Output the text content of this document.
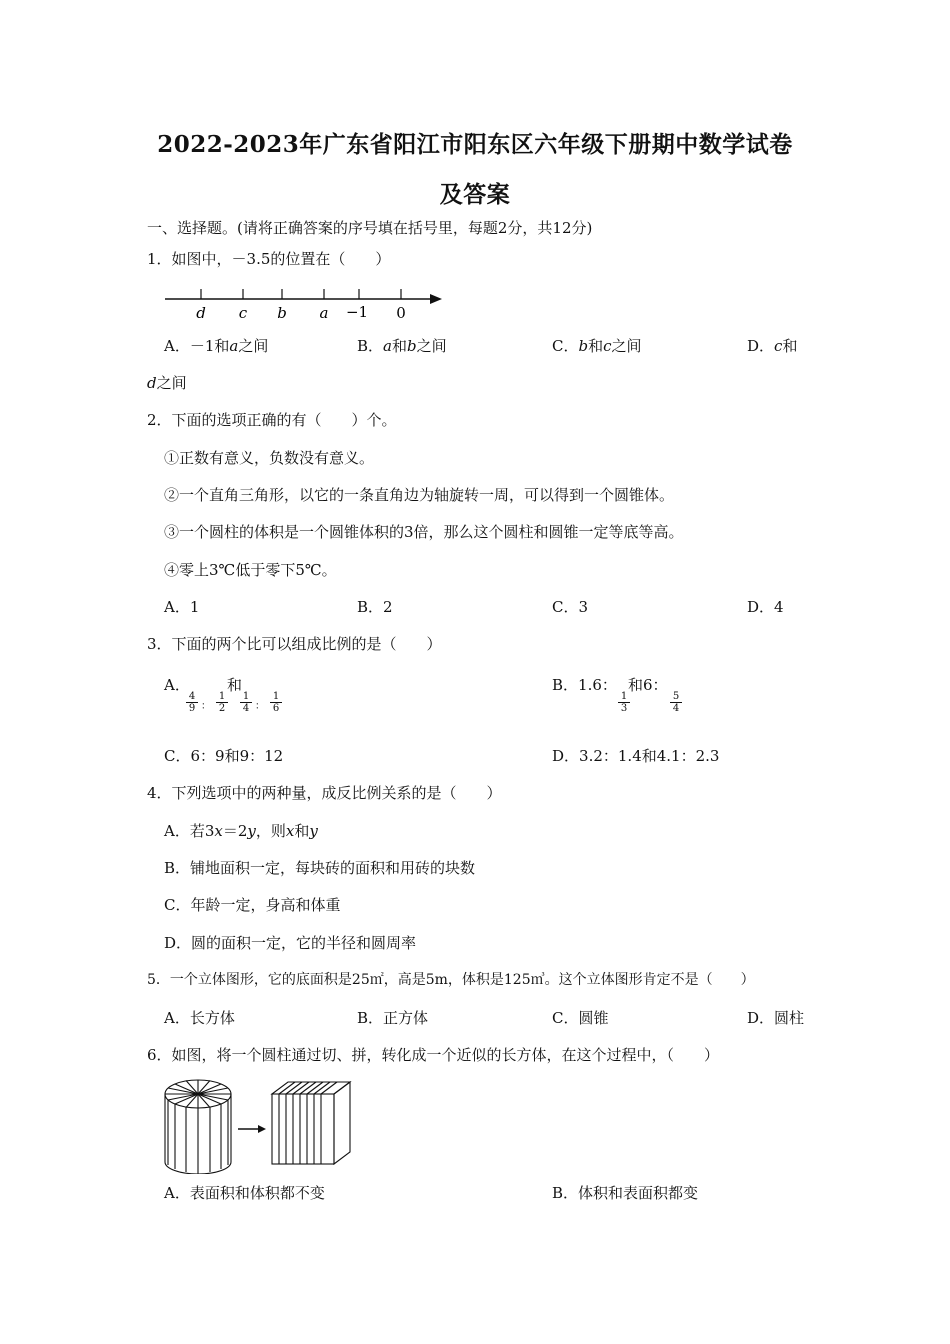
2022-2023年广东省阳江市阳东区六年级下册期中数学试卷
及答案
一、选择题。(请将正确答案的序号填在括号里，每题2分，共12分)
1．如图中，－3.5的位置在（　　）
d c b a −1 0
A．－1和a之间	B．a和b之间	C．b和c之间	D．c和
d之间
2．下面的选项正确的有（　　）个。
①正数有意义，负数没有意义。
②一个直角三角形，以它的一条直角边为轴旋转一周，可以得到一个圆锥体。
③一个圆柱的体积是一个圆锥体积的3倍，那么这个圆柱和圆锥一定等底等高。
④零上3℃低于零下5℃。
A．1	B．2	C．3	D．4
3．下面的两个比可以组成比例的是（　　）
A． 和
$\frac{4}{9}$ ： $\frac{1}{2} \frac{1}{4}$ ： $\frac{1}{6}$
B．1.6： 和6：
$\frac{1}{3}$	$\frac{5}{4}$
C．6：9和9：12	D．3.2：1.4和4.1：2.3
4．下列选项中的两种量，成反比例关系的是（　　）
A．若3x＝2y，则x和y
B．铺地面积一定，每块砖的面积和用砖的块数
C．年龄一定，身高和体重
D．圆的面积一定，它的半径和圆周率
5．一个立体图形，它的底面积是25㎡，高是5m，体积是125㎥。这个立体图形肯定不是（　　）
A．长方体	B．正方体	C．圆锥	D．圆柱
6．如图，将一个圆柱通过切、拼，转化成一个近似的长方体，在这个过程中，（　　）
A．表面积和体积都不变	B．体积和表面积都变
